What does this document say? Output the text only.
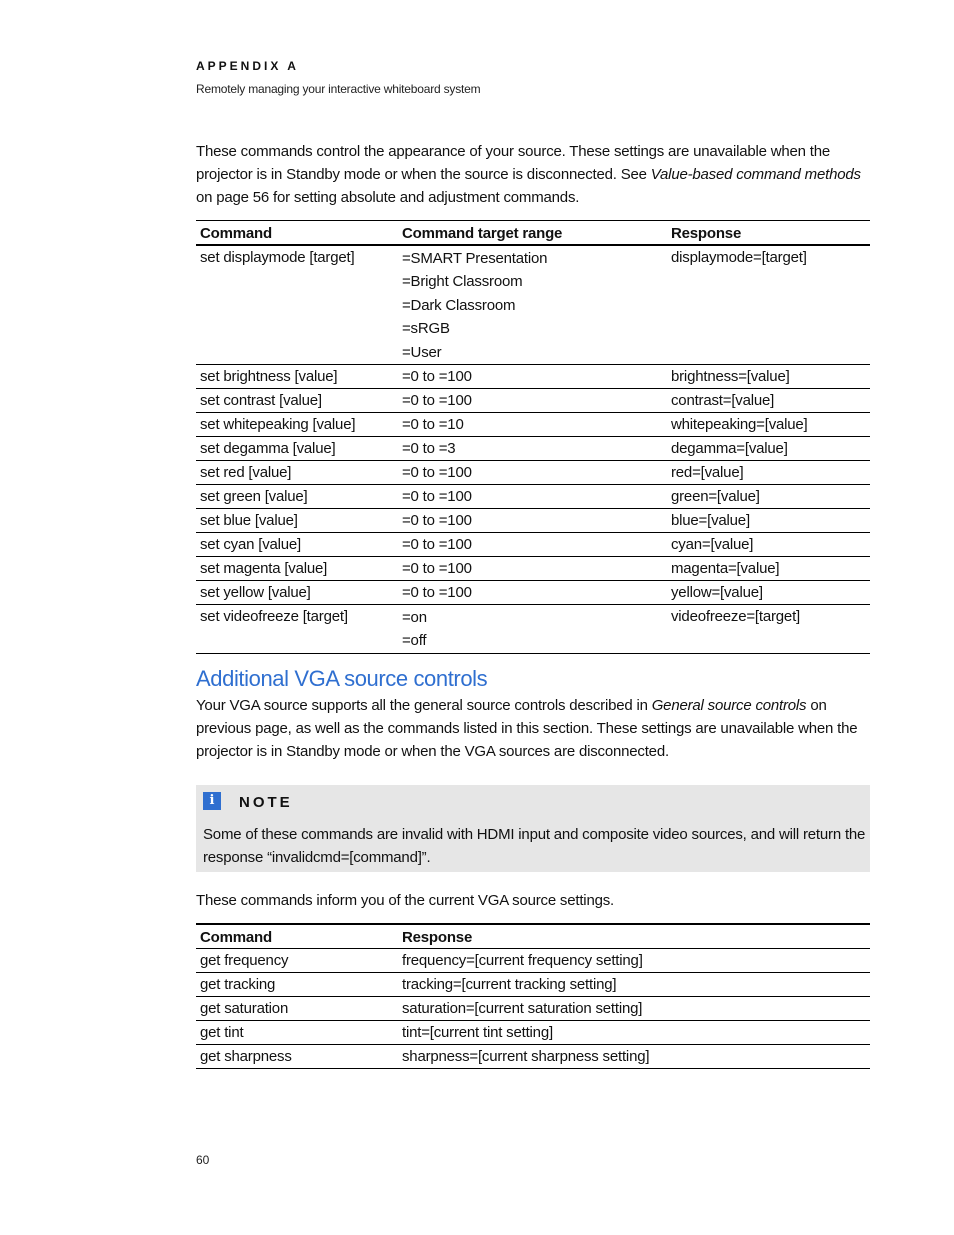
APPENDIX A
Remotely managing your interactive whiteboard system

These commands control the appearance of your source. These settings are unavailable when the projector is in Standby mode or when the source is disconnected. See Value-based command methods on page 56 for setting absolute and adjustment commands.

Command	Command target range	Response
set displaymode [target]	=SMART Presentation
=Bright Classroom
=Dark Classroom
=sRGB
=User	displaymode=[target]
set brightness [value]	=0 to =100	brightness=[value]
set contrast [value]	=0 to =100	contrast=[value]
set whitepeaking [value]	=0 to =10	whitepeaking=[value]
set degamma [value]	=0 to =3	degamma=[value]
set red [value]	=0 to =100	red=[value]
set green [value]	=0 to =100	green=[value]
set blue [value]	=0 to =100	blue=[value]
set cyan [value]	=0 to =100	cyan=[value]
set magenta [value]	=0 to =100	magenta=[value]
set yellow [value]	=0 to =100	yellow=[value]
set videofreeze [target]	=on
=off	videofreeze=[target]
Additional VGA source controls

Your VGA source supports all the general source controls described in General source controls on previous page, as well as the commands listed in this section. These settings are unavailable when the projector is in Standby mode or when the VGA sources are disconnected.

i	NOTE

Some of these commands are invalid with HDMI input and composite video sources, and will return the response “invalidcmd=[command]”.

These commands inform you of the current VGA source settings.

Command	Response
get frequency	frequency=[current frequency setting]
get tracking	tracking=[current tracking setting]
get saturation	saturation=[current saturation setting]
get tint	tint=[current tint setting]
get sharpness	sharpness=[current sharpness setting]
60
